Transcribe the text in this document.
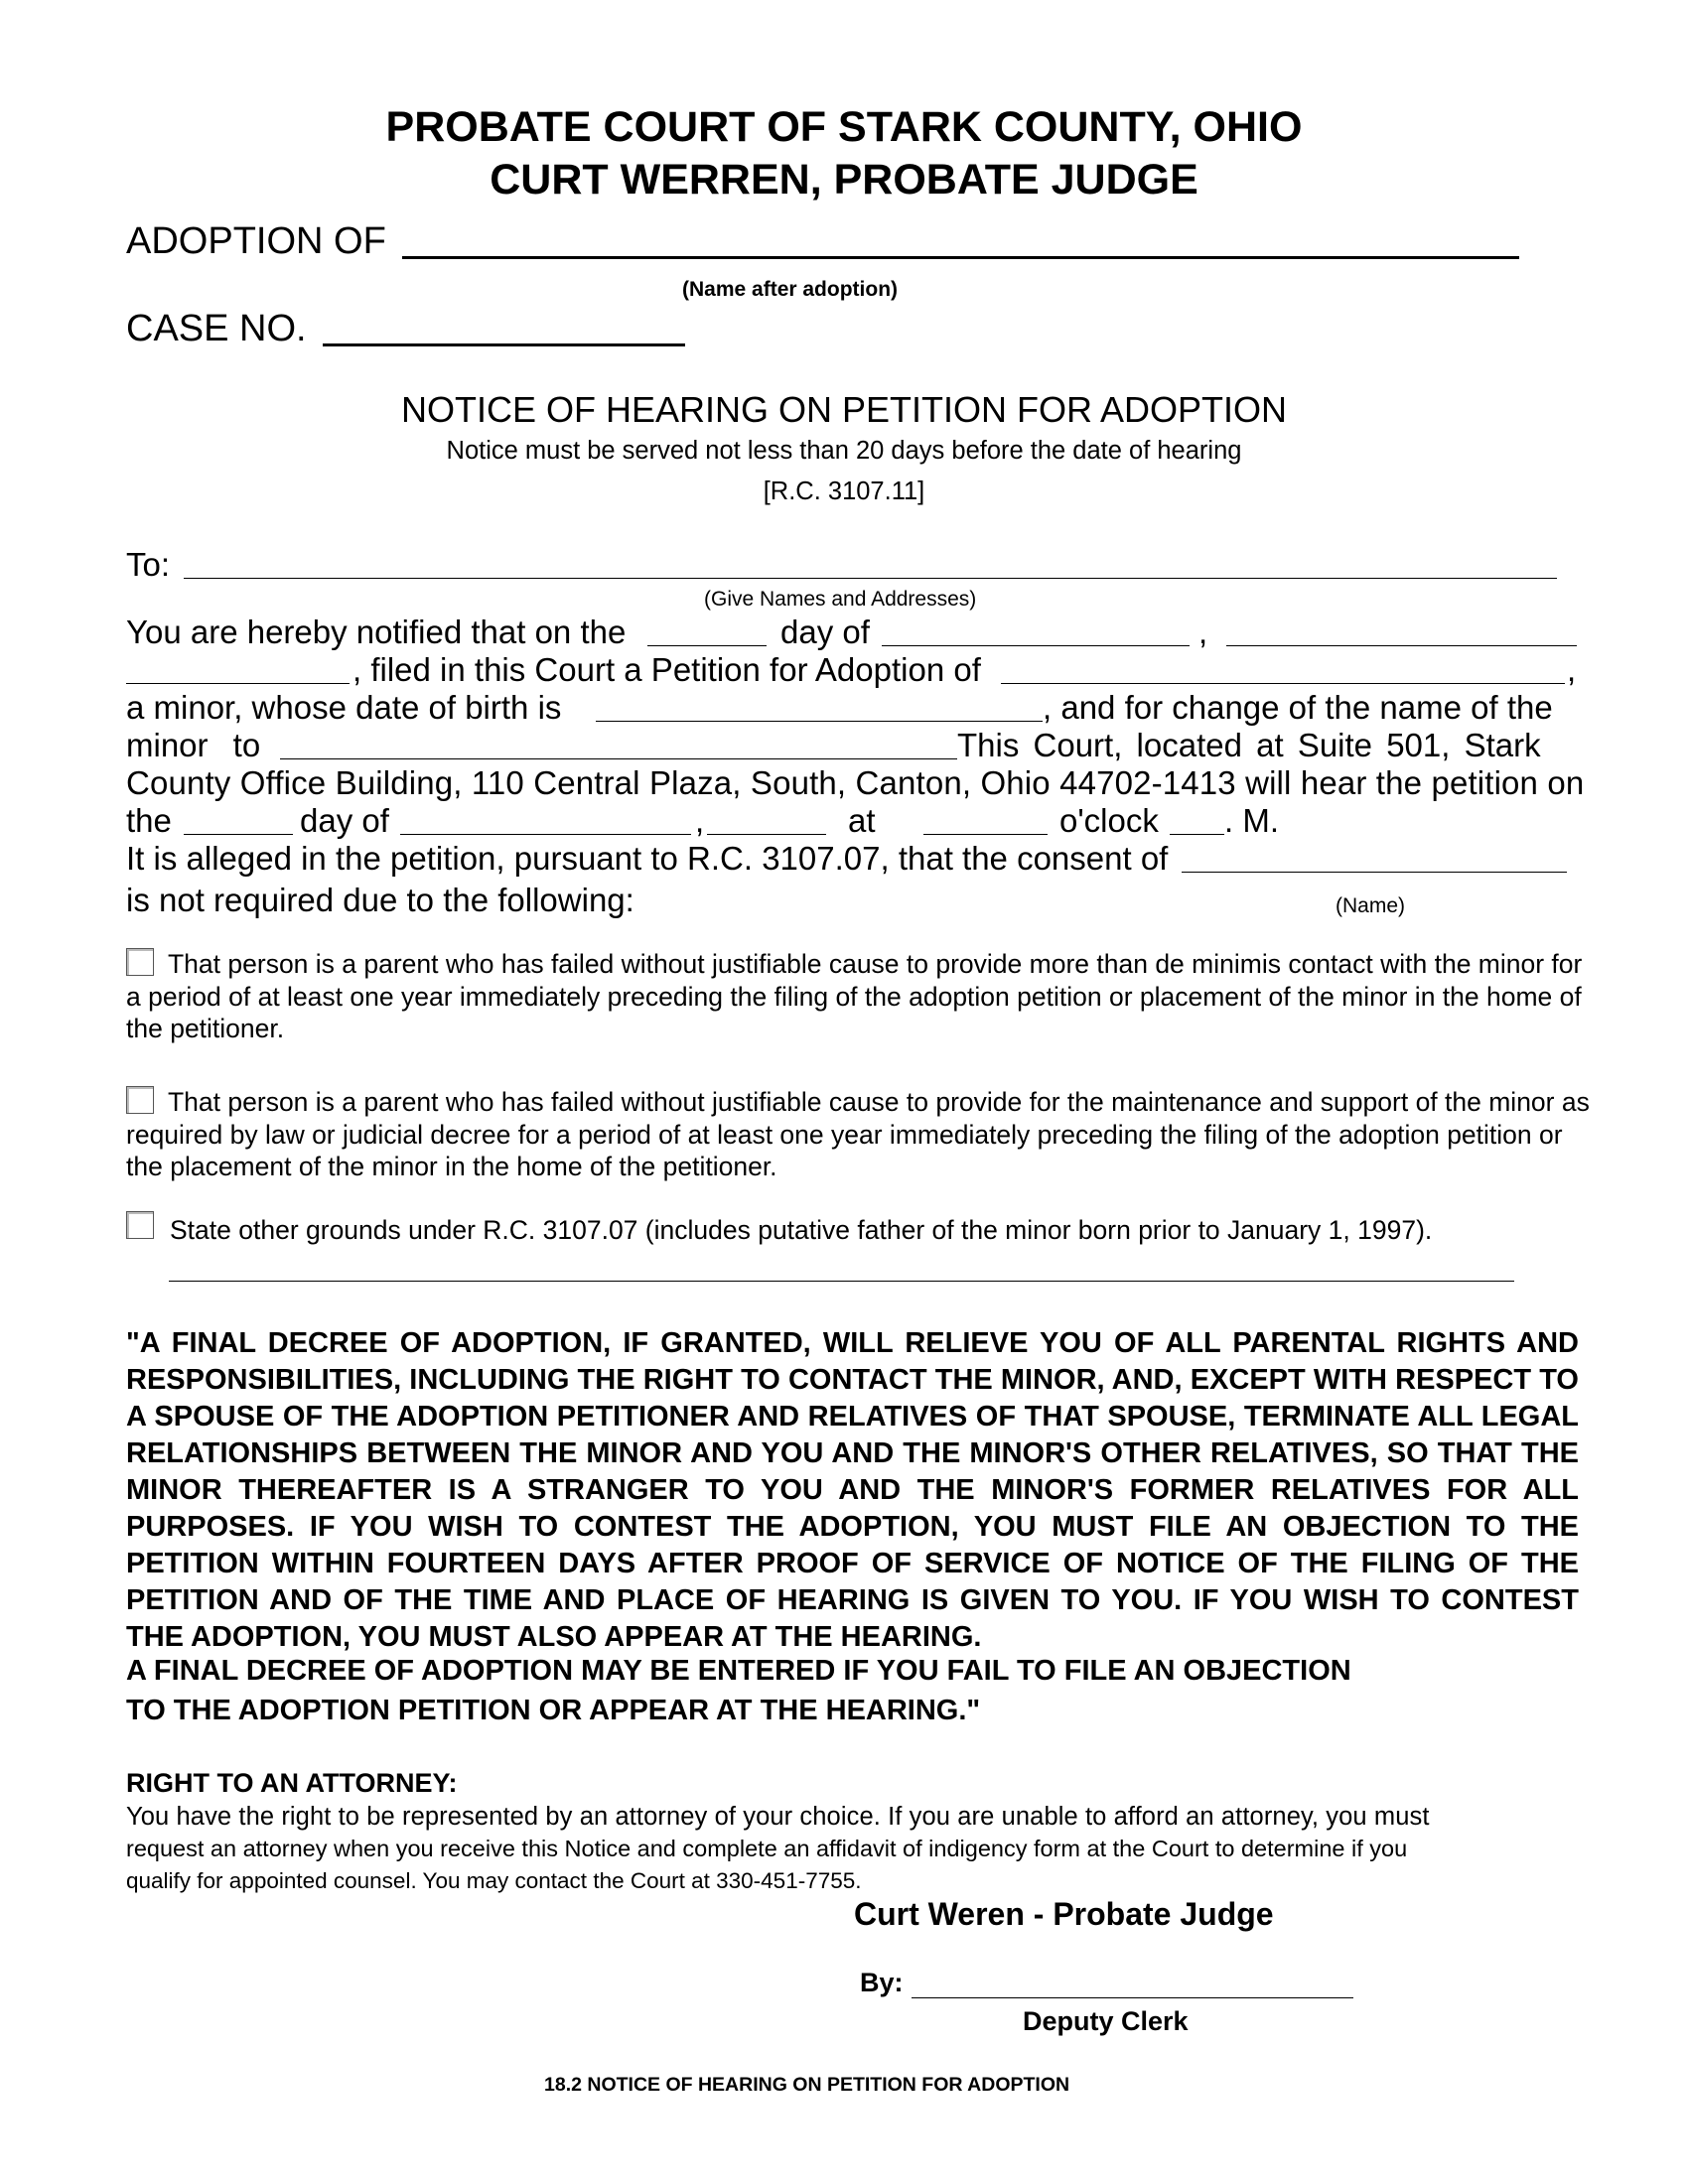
PROBATE COURT OF STARK COUNTY, OHIO
CURT WERREN, PROBATE JUDGE
ADOPTION OF
(Name after adoption)
CASE NO.
NOTICE OF HEARING ON PETITION FOR ADOPTION
Notice must be served not less than 20 days before the date of hearing
[R.C. 3107.11]
To:
(Give Names and Addresses)
You are hereby notified that on the	day of	,
, filed in this Court a Petition for Adoption of	,
a minor, whose date of birth is	, and for change of the name of the
minor to	This Court, located at Suite 501, Stark
County Office Building, 110 Central Plaza, South, Canton, Ohio 44702-1413 will hear the petition on
the	day of	,	at	o'clock . M.
It is alleged in the petition, pursuant to R.C. 3107.07, that the consent of
is not required due to the following:	(Name)
That person is a parent who has failed without justifiable cause to provide more than de minimis contact with the minor for a period of at least one year immediately preceding the filing of the adoption petition or placement of the minor in the home of the petitioner.
That person is a parent who has failed without justifiable cause to provide for the maintenance and support of the minor as required by law or judicial decree for a period of at least one year immediately preceding the filing of the adoption petition or the placement of the minor in the home of the petitioner.
State other grounds under R.C. 3107.07 (includes putative father of the minor born prior to January 1, 1997).
"A FINAL DECREE OF ADOPTION, IF GRANTED, WILL RELIEVE YOU OF ALL PARENTAL RIGHTS AND RESPONSIBILITIES, INCLUDING THE RIGHT TO CONTACT THE MINOR, AND, EXCEPT WITH RESPECT TO A SPOUSE OF THE ADOPTION PETITIONER AND RELATIVES OF THAT SPOUSE, TERMINATE ALL LEGAL RELATIONSHIPS BETWEEN THE MINOR AND YOU AND THE MINOR'S OTHER RELATIVES, SO THAT THE MINOR THEREAFTER IS A STRANGER TO YOU AND THE MINOR'S FORMER RELATIVES FOR ALL PURPOSES. IF YOU WISH TO CONTEST THE ADOPTION, YOU MUST FILE AN OBJECTION TO THE PETITION WITHIN FOURTEEN DAYS AFTER PROOF OF SERVICE OF NOTICE OF THE FILING OF THE PETITION AND OF THE TIME AND PLACE OF HEARING IS GIVEN TO YOU. IF YOU WISH TO CONTEST THE ADOPTION, YOU MUST ALSO APPEAR AT THE HEARING.
A FINAL DECREE OF ADOPTION MAY BE ENTERED IF YOU FAIL TO FILE AN OBJECTION
TO THE ADOPTION PETITION OR APPEAR AT THE HEARING."
RIGHT TO AN ATTORNEY:
You have the right to be represented by an attorney of your choice. If you are unable to afford an attorney, you must
request an attorney when you receive this Notice and complete an affidavit of indigency form at the Court to determine if you
qualify for appointed counsel. You may contact the Court at 330-451-7755.
Curt Weren - Probate Judge
By:
Deputy Clerk
18.2 NOTICE OF HEARING ON PETITION FOR ADOPTION
